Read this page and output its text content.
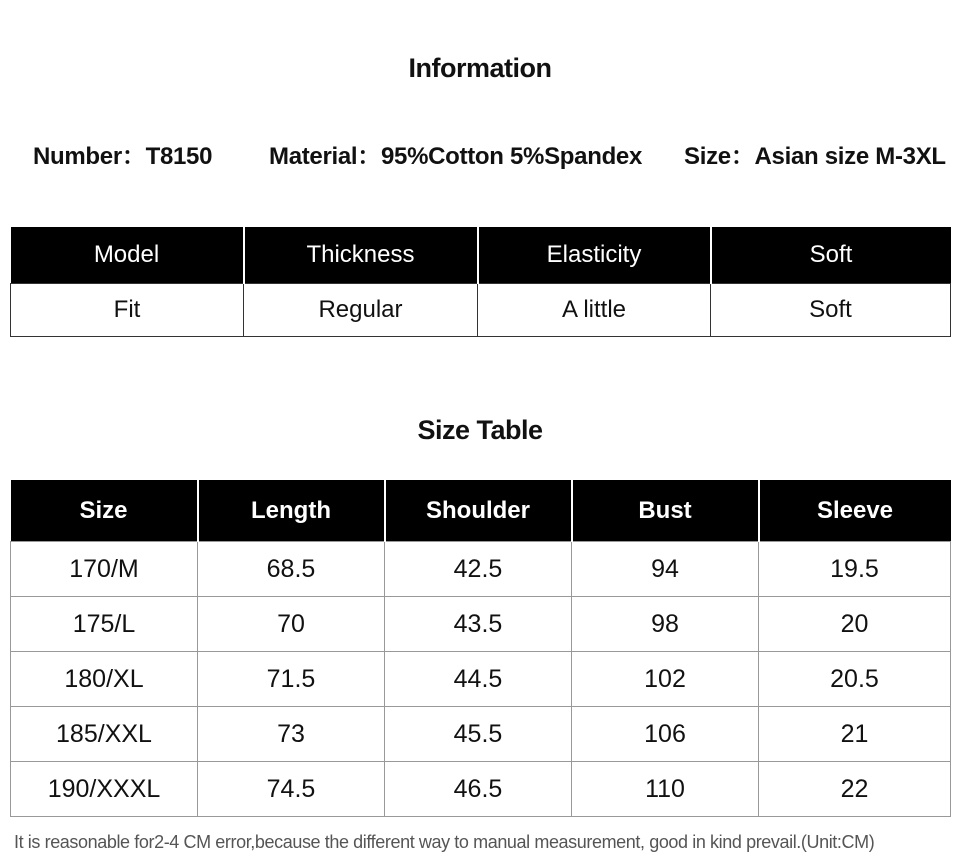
Information
Number：T8150 Material：95%Cotton 5%Spandex Size：Asian size M-3XL
Model	Thickness	Elasticity	Soft
Fit	Regular	A little	Soft
Size Table
Size	Length	Shoulder	Bust	Sleeve
170/M	68.5	42.5	94	19.5
175/L	70	43.5	98	20
180/XL	71.5	44.5	102	20.5
185/XXL	73	45.5	106	21
190/XXXL	74.5	46.5	110	22
It is reasonable for2-4 CM error,because the different way to manual measurement, good in kind prevail.(Unit:CM)
